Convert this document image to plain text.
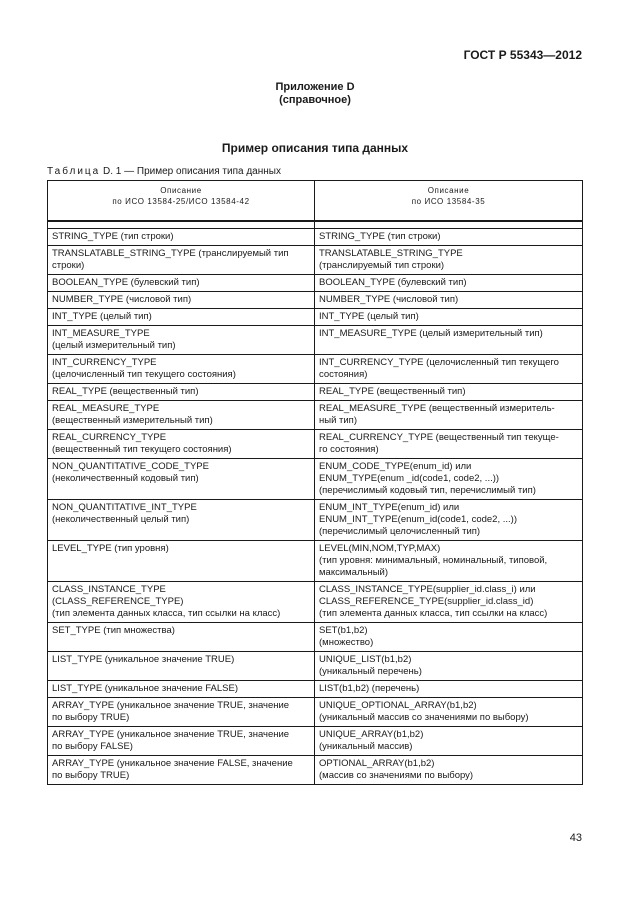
ГОСТ Р 55343—2012
Приложение D
(справочное)
Пример описания типа данных
Таблица D. 1 — Пример описания типа данных
Описание
по ИСО 13584-25/ИСО 13584-42	Описание
по ИСО 13584-35

STRING_TYPE (тип строки)	STRING_TYPE (тип строки)

TRANSLATABLE_STRING_TYPE (транслируемый тип
строки)	TRANSLATABLE_STRING_TYPE
(транслируемый тип строки)

BOOLEAN_TYPE (булевский тип)	BOOLEAN_TYPE (булевский тип)

NUMBER_TYPE (числовой тип)	NUMBER_TYPE (числовой тип)

INT_TYPE (целый тип)	INT_TYPE (целый тип)

INT_MEASURE_TYPE
(целый измерительный тип)	INT_MEASURE_TYPE (целый измерительный тип)

INT_CURRENCY_TYPE
(целочисленный тип текущего состояния)	INT_CURRENCY_TYPE (целочисленный тип текущего
состояния)

REAL_TYPE (вещественный тип)	REAL_TYPE (вещественный тип)

REAL_MEASURE_TYPE
(вещественный измерительный тип)	REAL_MEASURE_TYPE (вещественный измеритель-
ный тип)

REAL_CURRENCY_TYPE
(вещественный тип текущего состояния)	REAL_CURRENCY_TYPE (вещественный тип текуще-
го состояния)

NON_QUANTITATIVE_CODE_TYPE
(неколичественный кодовый тип)	ENUM_CODE_TYPE(enum_id) или
ENUM_TYPE(enum _id(code1, code2, ...))
(перечислимый кодовый тип, перечислимый тип)

NON_QUANTITATIVE_INT_TYPE
(неколичественный целый тип)	ENUM_INT_TYPE(enum_id) или
ENUM_INT_TYPE(enum_id(code1, code2, ...))
(перечислимый целочисленный тип)

LEVEL_TYPE (тип уровня)	LEVEL(MIN,NOM,TYP,MAX)
(тип уровня: минимальный, номинальный, типовой,
максимальный)

CLASS_INSTANCE_TYPE
(CLASS_REFERENCE_TYPE)
(тип элемента данных класса, тип ссылки на класс)	CLASS_INSTANCE_TYPE(supplier_id.class_i) или
CLASS_REFERENCE_TYPE(supplier_id.class_id)
(тип элемента данных класса, тип ссылки на класс)

SET_TYPE (тип множества)	SET(b1,b2)
(множество)

LIST_TYPE (уникальное значение TRUE)	UNIQUE_LIST(b1,b2)
(уникальный перечень)

LIST_TYPE (уникальное значение FALSE)	LIST(b1,b2) (перечень)

ARRAY_TYPE (уникальное значение TRUE, значение
по выбору TRUE)	UNIQUE_OPTIONAL_ARRAY(b1,b2)
(уникальный массив со значениями по выбору)

ARRAY_TYPE (уникальное значение TRUE, значение
по выбору FALSE)	UNIQUE_ARRAY(b1,b2)
(уникальный массив)

ARRAY_TYPE (уникальное значение FALSE, значение
по выбору TRUE)	OPTIONAL_ARRAY(b1,b2)
(массив со значениями по выбору)
43
